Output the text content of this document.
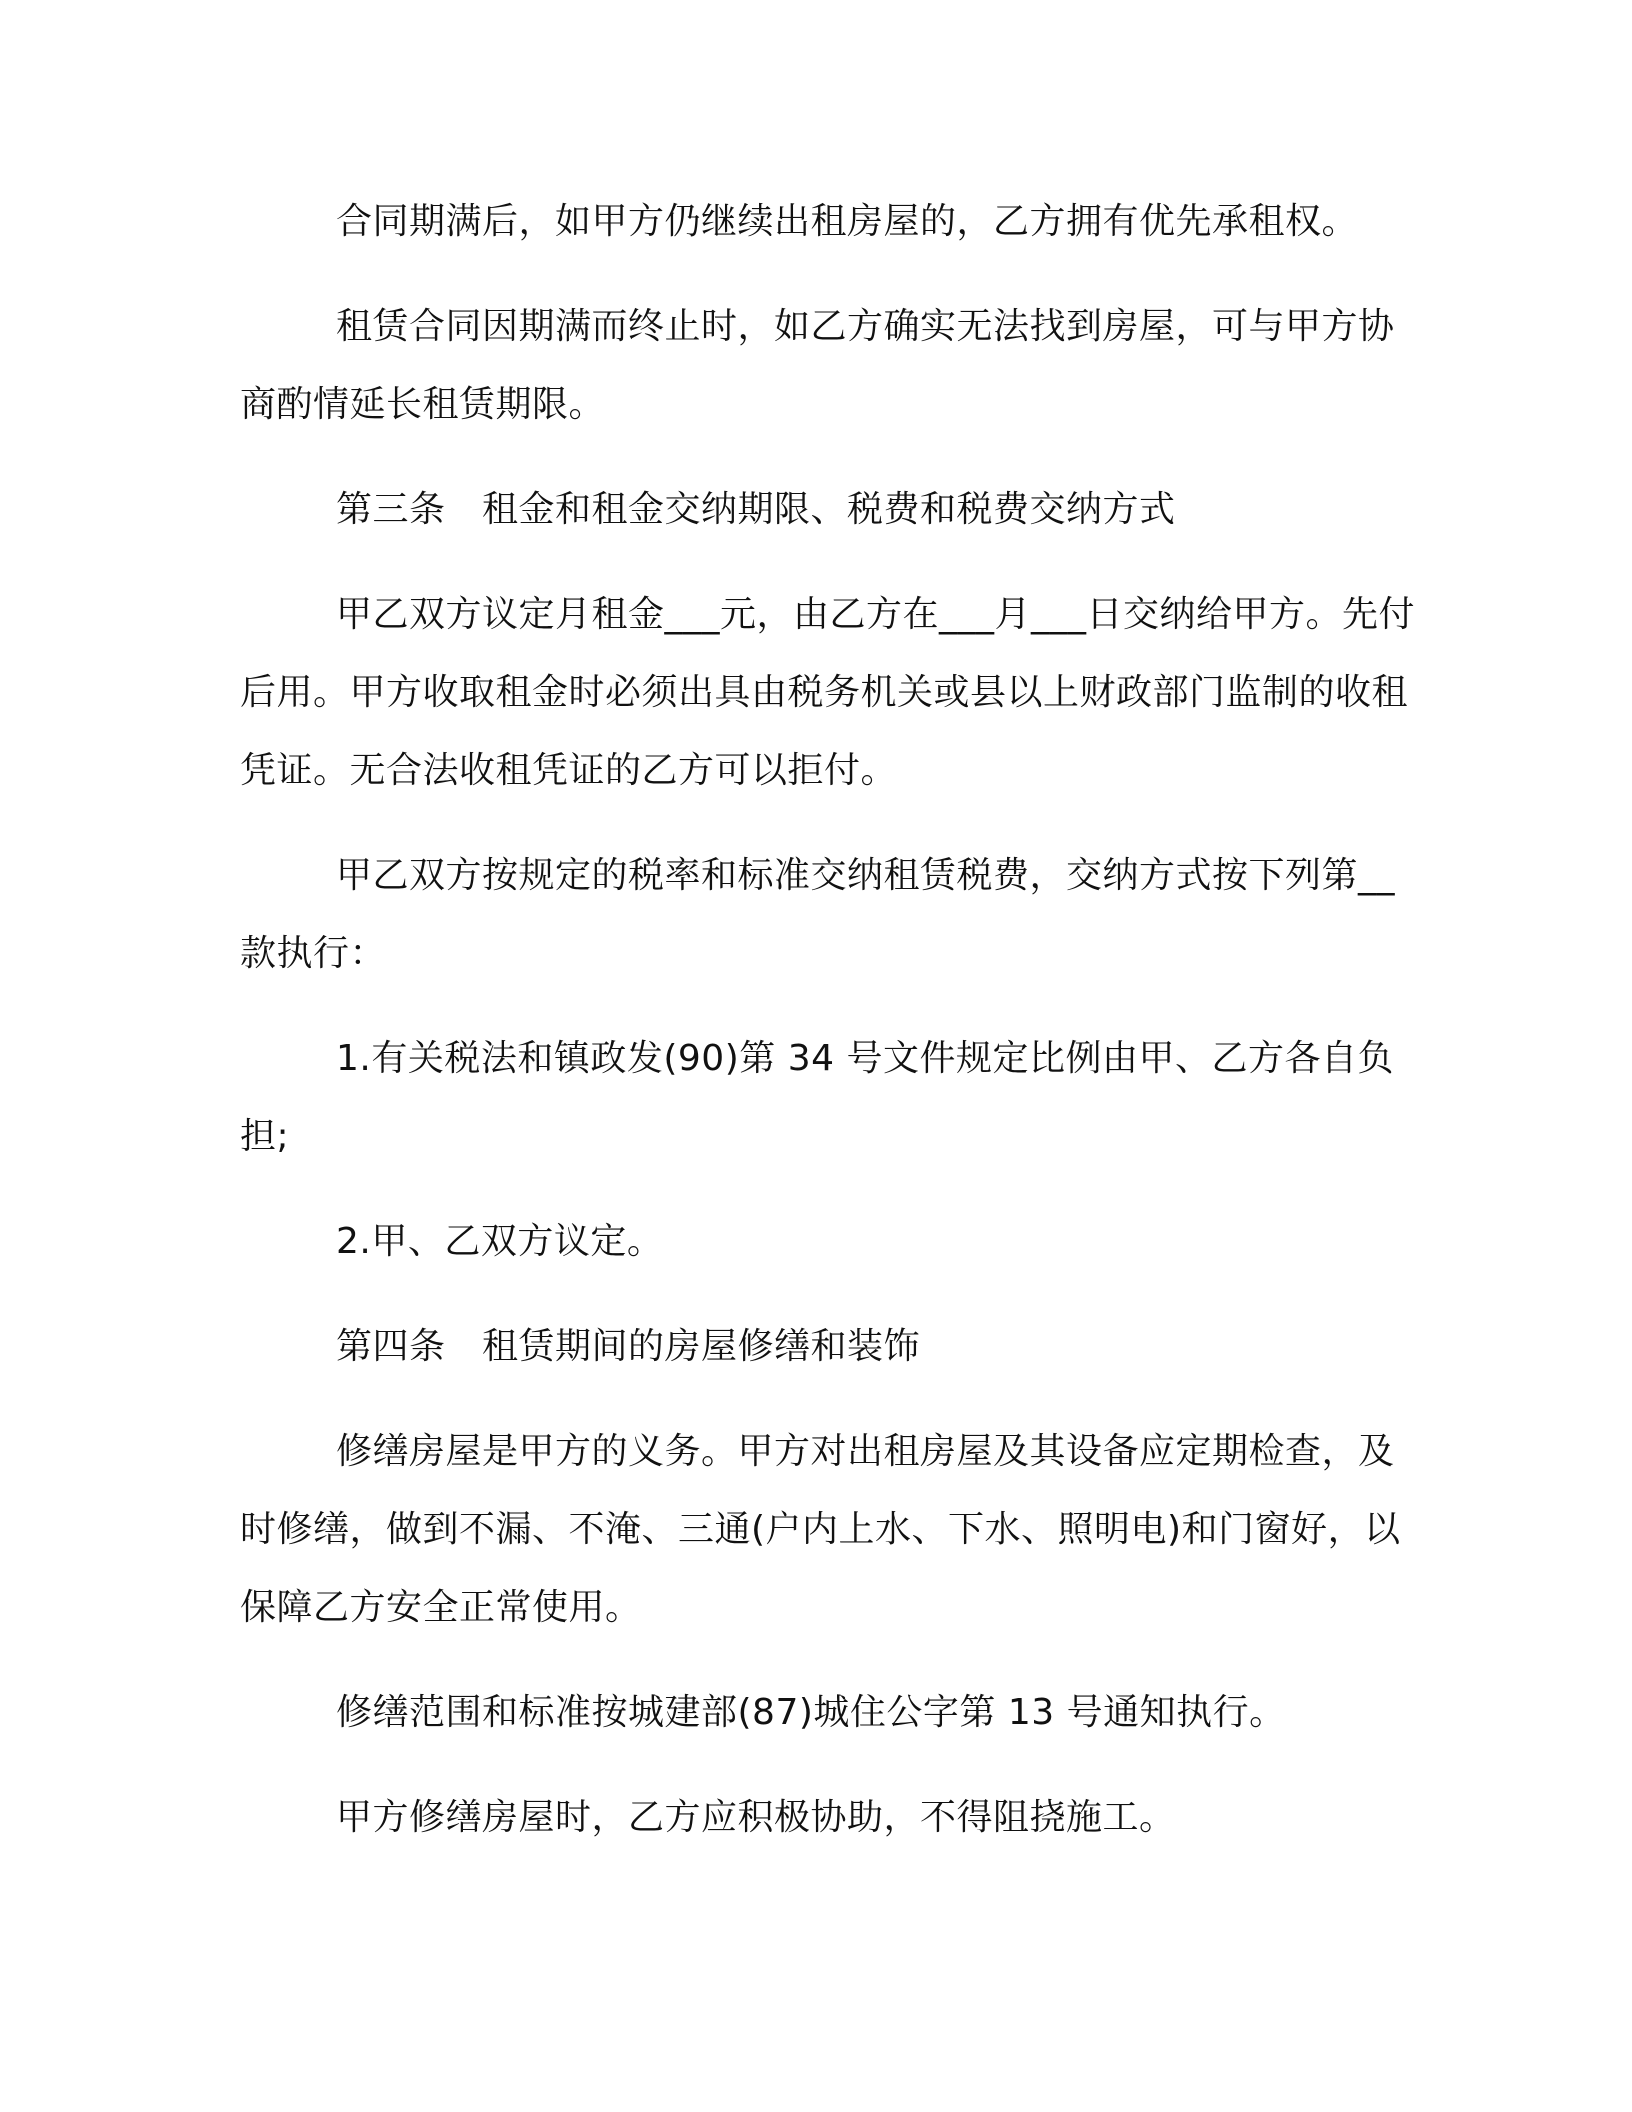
合同期满后，如甲方仍继续出租房屋的，乙方拥有优先承租权。

租赁合同因期满而终止时，如乙方确实无法找到房屋，可与甲方协商酌情延长租赁期限。

第三条　租金和租金交纳期限、税费和税费交纳方式

甲乙双方议定月租金___元，由乙方在___月___日交纳给甲方。先付后用。甲方收取租金时必须出具由税务机关或县以上财政部门监制的收租凭证。无合法收租凭证的乙方可以拒付。

甲乙双方按规定的税率和标准交纳租赁税费，交纳方式按下列第__款执行：

1.有关税法和镇政发(90)第 34 号文件规定比例由甲、乙方各自负担;

2.甲、乙双方议定。

第四条　租赁期间的房屋修缮和装饰

修缮房屋是甲方的义务。甲方对出租房屋及其设备应定期检查，及时修缮，做到不漏、不淹、三通(户内上水、下水、照明电)和门窗好，以保障乙方安全正常使用。

修缮范围和标准按城建部(87)城住公字第 13 号通知执行。

甲方修缮房屋时，乙方应积极协助，不得阻挠施工。
